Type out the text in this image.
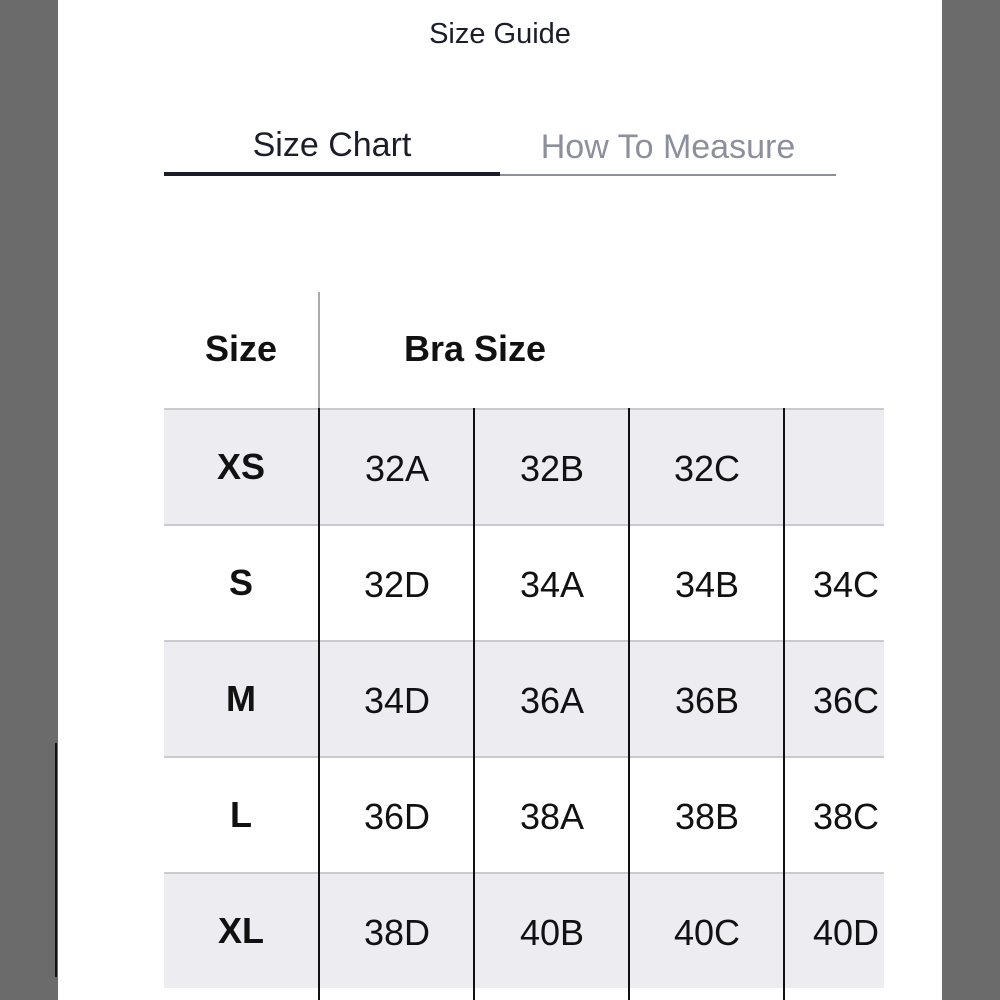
Size Guide
Size Chart	How To Measure
Size	Bra Size
XS	32A	32B	32C
S	32D	34A	34B	34C
M	34D	36A	36B	36C
L	36D	38A	38B	38C
XL	38D	40B	40C	40D
